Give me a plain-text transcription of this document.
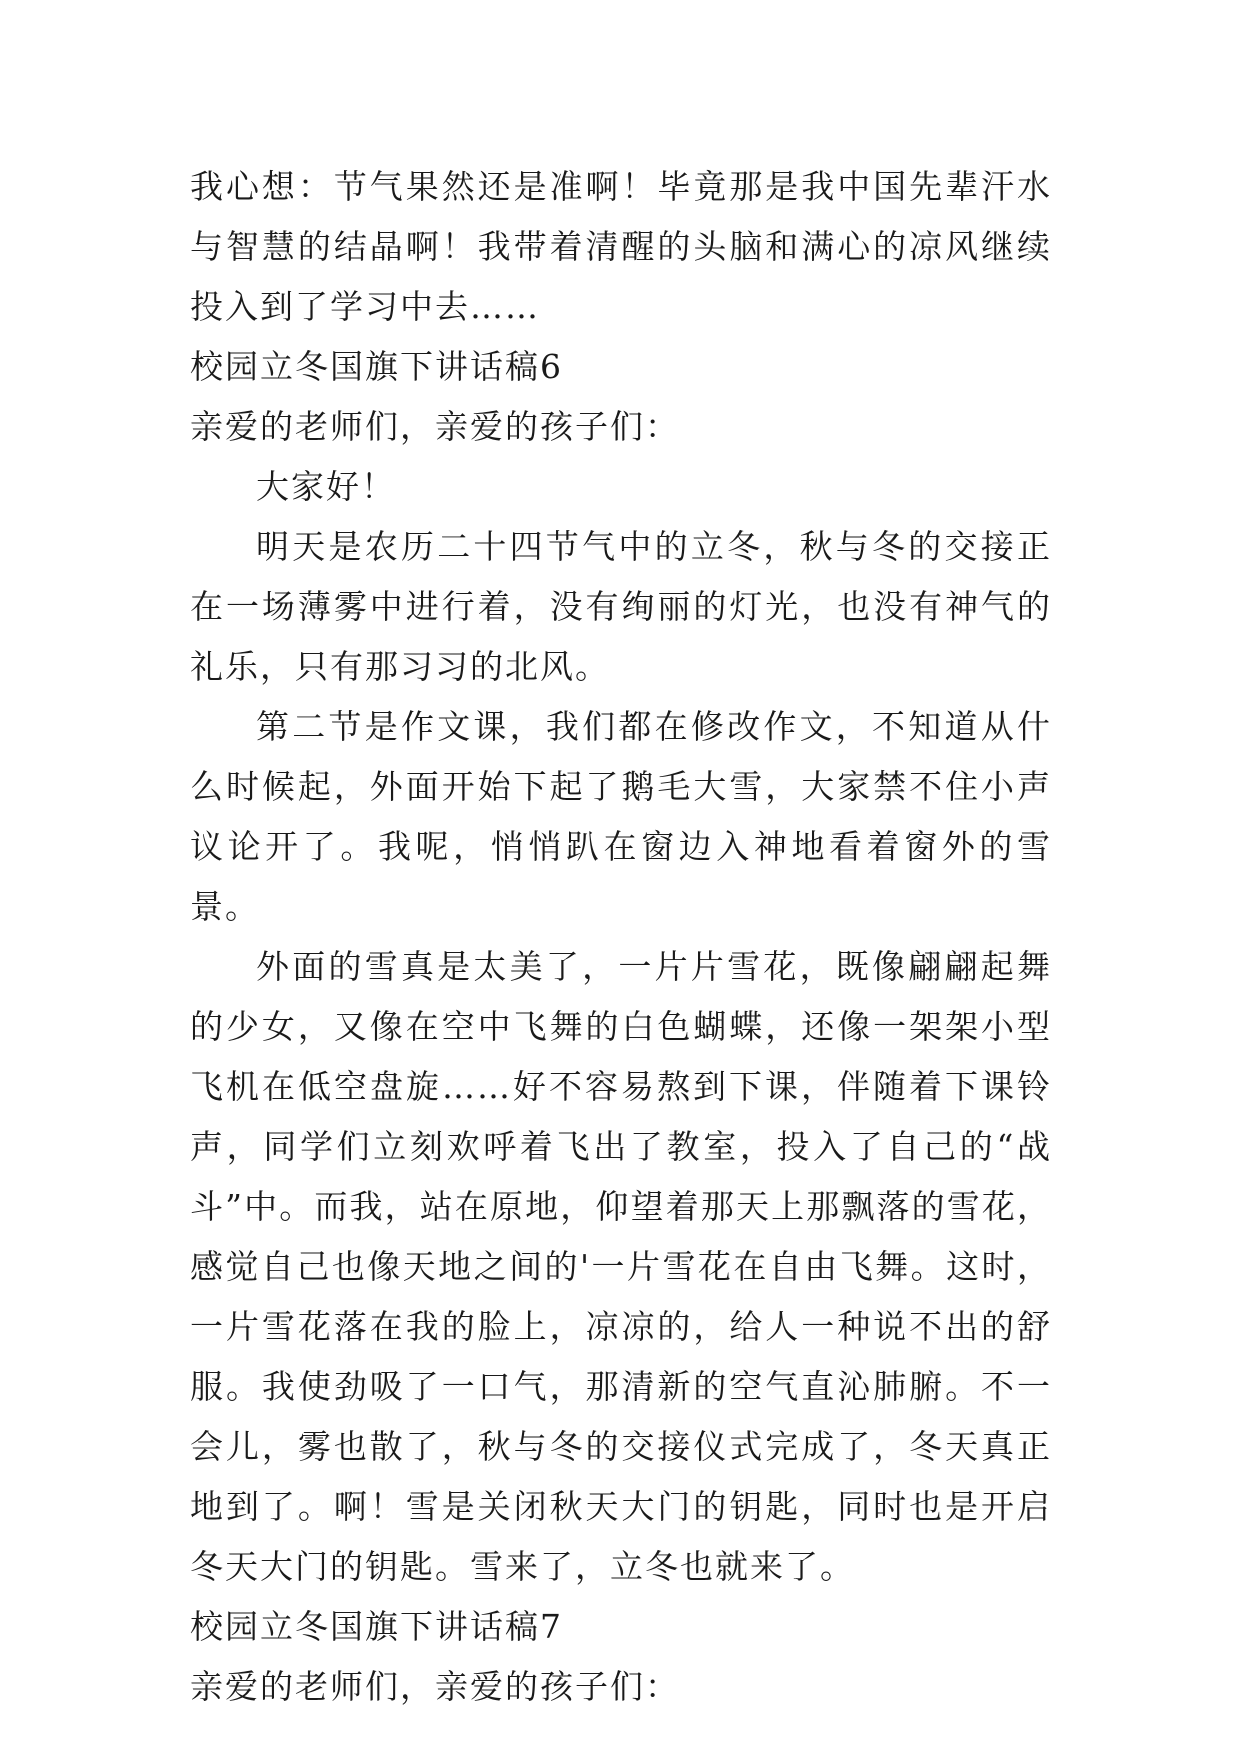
我心想：节气果然还是准啊！毕竟那是我中国先辈汗水与智慧的结晶啊！我带着清醒的头脑和满心的凉风继续投入到了学习中去……

校园立冬国旗下讲话稿6

亲爱的老师们，亲爱的孩子们：

大家好！

明天是农历二十四节气中的立冬，秋与冬的交接正在一场薄雾中进行着，没有绚丽的灯光，也没有神气的礼乐，只有那习习的北风。

第二节是作文课，我们都在修改作文，不知道从什么时候起，外面开始下起了鹅毛大雪，大家禁不住小声议论开了。我呢，悄悄趴在窗边入神地看着窗外的雪景。

外面的雪真是太美了，一片片雪花，既像翩翩起舞的少女，又像在空中飞舞的白色蝴蝶，还像一架架小型飞机在低空盘旋……好不容易熬到下课，伴随着下课铃声，同学们立刻欢呼着飞出了教室，投入了自己的“战斗”中。而我，站在原地，仰望着那天上那飘落的雪花，感觉自己也像天地之间的'一片雪花在自由飞舞。这时，一片雪花落在我的脸上，凉凉的，给人一种说不出的舒服。我使劲吸了一口气，那清新的空气直沁肺腑。不一会儿，雾也散了，秋与冬的交接仪式完成了，冬天真正地到了。啊！雪是关闭秋天大门的钥匙，同时也是开启冬天大门的钥匙。雪来了，立冬也就来了。

校园立冬国旗下讲话稿7

亲爱的老师们，亲爱的孩子们：
